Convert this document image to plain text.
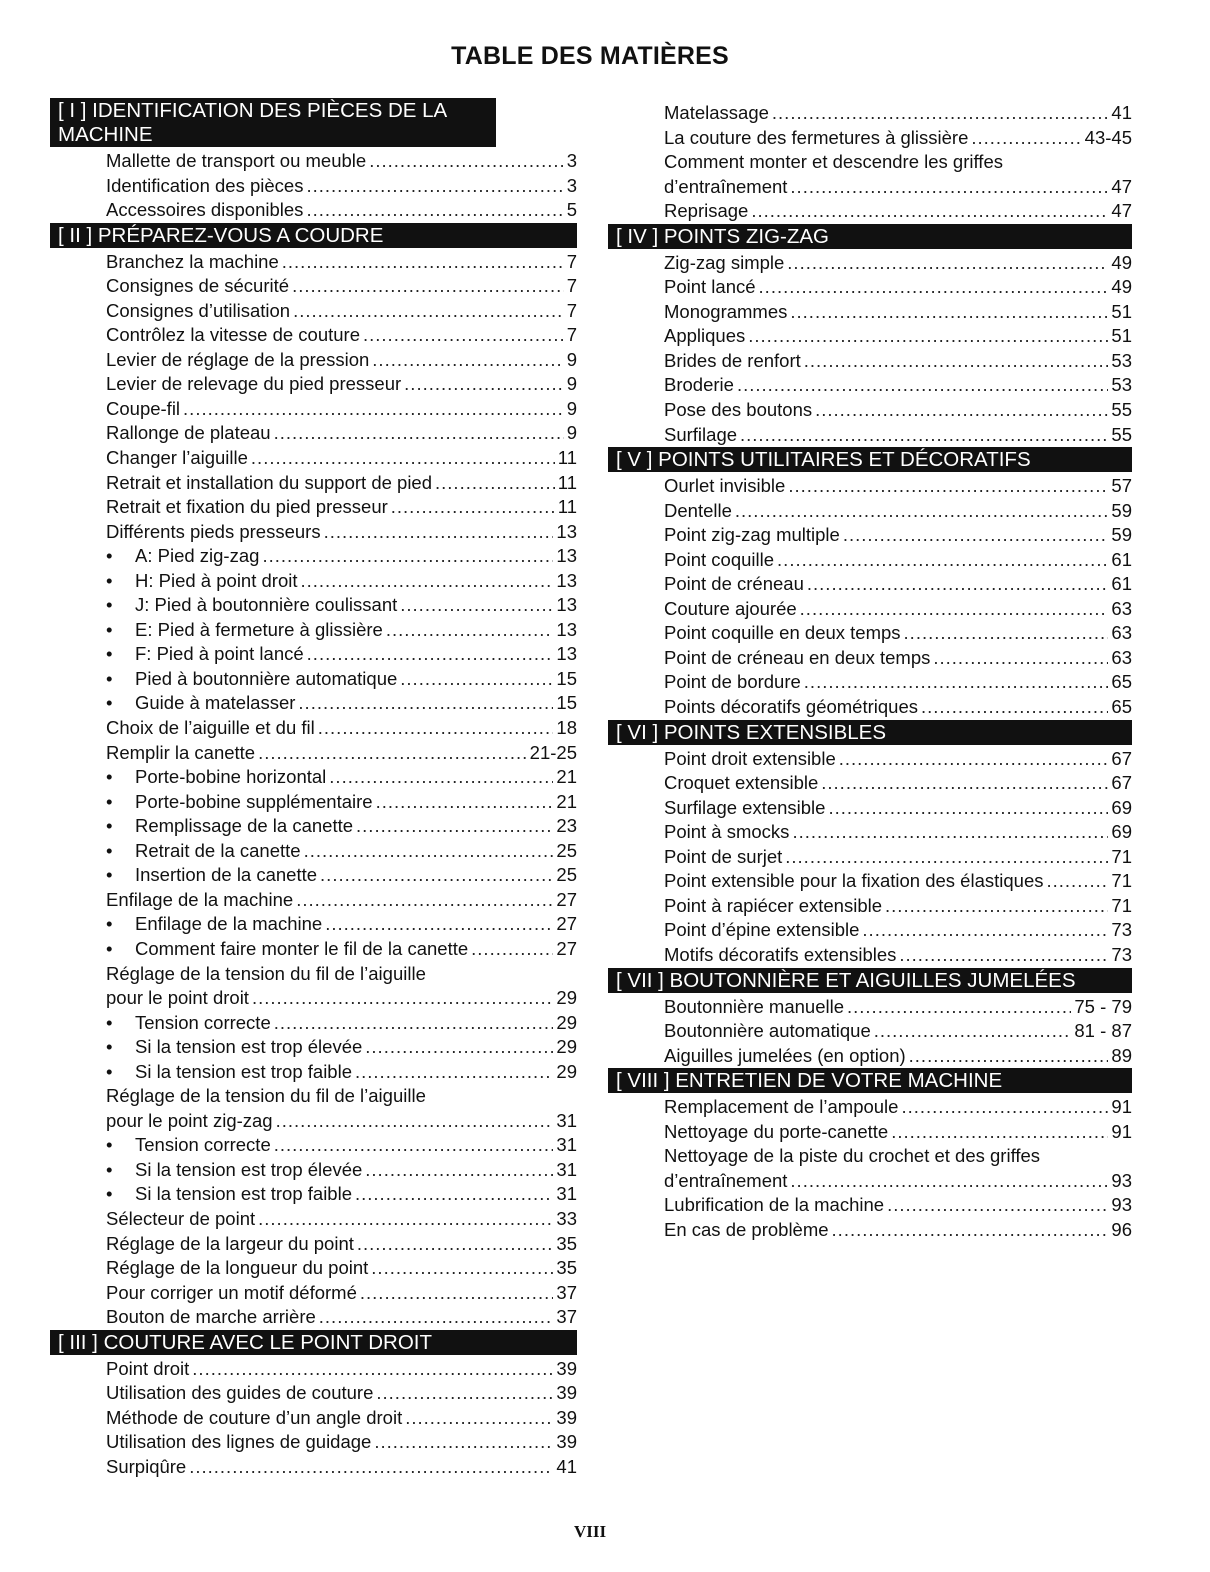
TABLE DES MATIÈRES
[ I ] IDENTIFICATION DES PIÈCES DE LA MACHINE
Mallette de transport ou meuble .....	3
Identification des pièces .....	3
Accessoires disponibles .....	5
[ II ] PRÉPAREZ-VOUS A COUDRE
Branchez la machine .....	7
Consignes de sécurité .....	7
Consignes d’utilisation .....	7
Contrôlez la vitesse de couture .....	7
Levier de réglage de la pression .....	9
Levier de relevage du pied presseur .....	9
Coupe-fil .....	9
Rallonge de plateau .....	9
Changer l’aiguille .....	11
Retrait et installation du support de pied .....	11
Retrait et fixation du pied presseur .....	11
Différents pieds presseurs .....	13
•	A: Pied zig-zag .....	13
•	H: Pied à point droit .....	13
•	J: Pied à boutonnière coulissant .....	13
•	E: Pied à fermeture à glissière .....	13
•	F: Pied à point lancé .....	13
•	Pied à boutonnière automatique .....	15
•	Guide à matelasser .....	15
Choix de l’aiguille et du fil .....	18
Remplir la canette .....	21-25
•	Porte-bobine horizontal .....	21
•	Porte-bobine supplémentaire .....	21
•	Remplissage de la canette .....	23
•	Retrait de la canette .....	25
•	Insertion de la canette .....	25
Enfilage de la machine .....	27
•	Enfilage de la machine .....	27
•	Comment faire monter le fil de la canette .....	27
Réglage de la tension du fil de l’aiguille
pour le point droit .....	29
•	Tension correcte .....	29
•	Si la tension est trop élevée .....	29
•	Si la tension est trop faible .....	29
Réglage de la tension du fil de l’aiguille
pour le point zig-zag .....	31
•	Tension correcte .....	31
•	Si la tension est trop élevée .....	31
•	Si la tension est trop faible .....	31
Sélecteur de point .....	33
Réglage de la largeur du point .....	35
Réglage de la longueur du point .....	35
Pour corriger un motif déformé .....	37
Bouton de marche arrière .....	37
[ III ] COUTURE AVEC LE POINT DROIT
Point droit .....	39
Utilisation des guides de couture .....	39
Méthode de couture d’un angle droit .....	39
Utilisation des lignes de guidage .....	39
Surpiqûre .....	41
Matelassage .....	41
La couture des fermetures à glissière .....	43-45
Comment monter et descendre les griffes
d’entraînement .....	47
Reprisage .....	47
[ IV ] POINTS ZIG-ZAG
Zig-zag simple .....	49
Point lancé .....	49
Monogrammes .....	51
Appliques .....	51
Brides de renfort .....	53
Broderie .....	53
Pose des boutons .....	55
Surfilage .....	55
[ V ] POINTS UTILITAIRES ET DÉCORATIFS
Ourlet invisible .....	57
Dentelle .....	59
Point zig-zag multiple .....	59
Point coquille .....	61
Point de créneau .....	61
Couture ajourée .....	63
Point coquille en deux temps .....	63
Point de créneau en deux temps .....	63
Point de bordure .....	65
Points décoratifs géométriques .....	65
[ VI ] POINTS EXTENSIBLES
Point droit extensible .....	67
Croquet extensible .....	67
Surfilage extensible .....	69
Point à smocks .....	69
Point de surjet .....	71
Point extensible pour la fixation des élastiques .....	71
Point à rapiécer extensible .....	71
Point d’épine extensible .....	73
Motifs décoratifs extensibles .....	73
[ VII ] BOUTONNIÈRE ET AIGUILLES JUMELÉES
Boutonnière manuelle .....	75 - 79
Boutonnière automatique .....	81 - 87
Aiguilles jumelées (en option) .....	89
[ VIII ] ENTRETIEN DE VOTRE MACHINE
Remplacement de l’ampoule .....	91
Nettoyage du porte-canette .....	91
Nettoyage de la piste du crochet et des griffes
d’entraînement .....	93
Lubrification de la machine .....	93
En cas de problème .....	96
VIII
